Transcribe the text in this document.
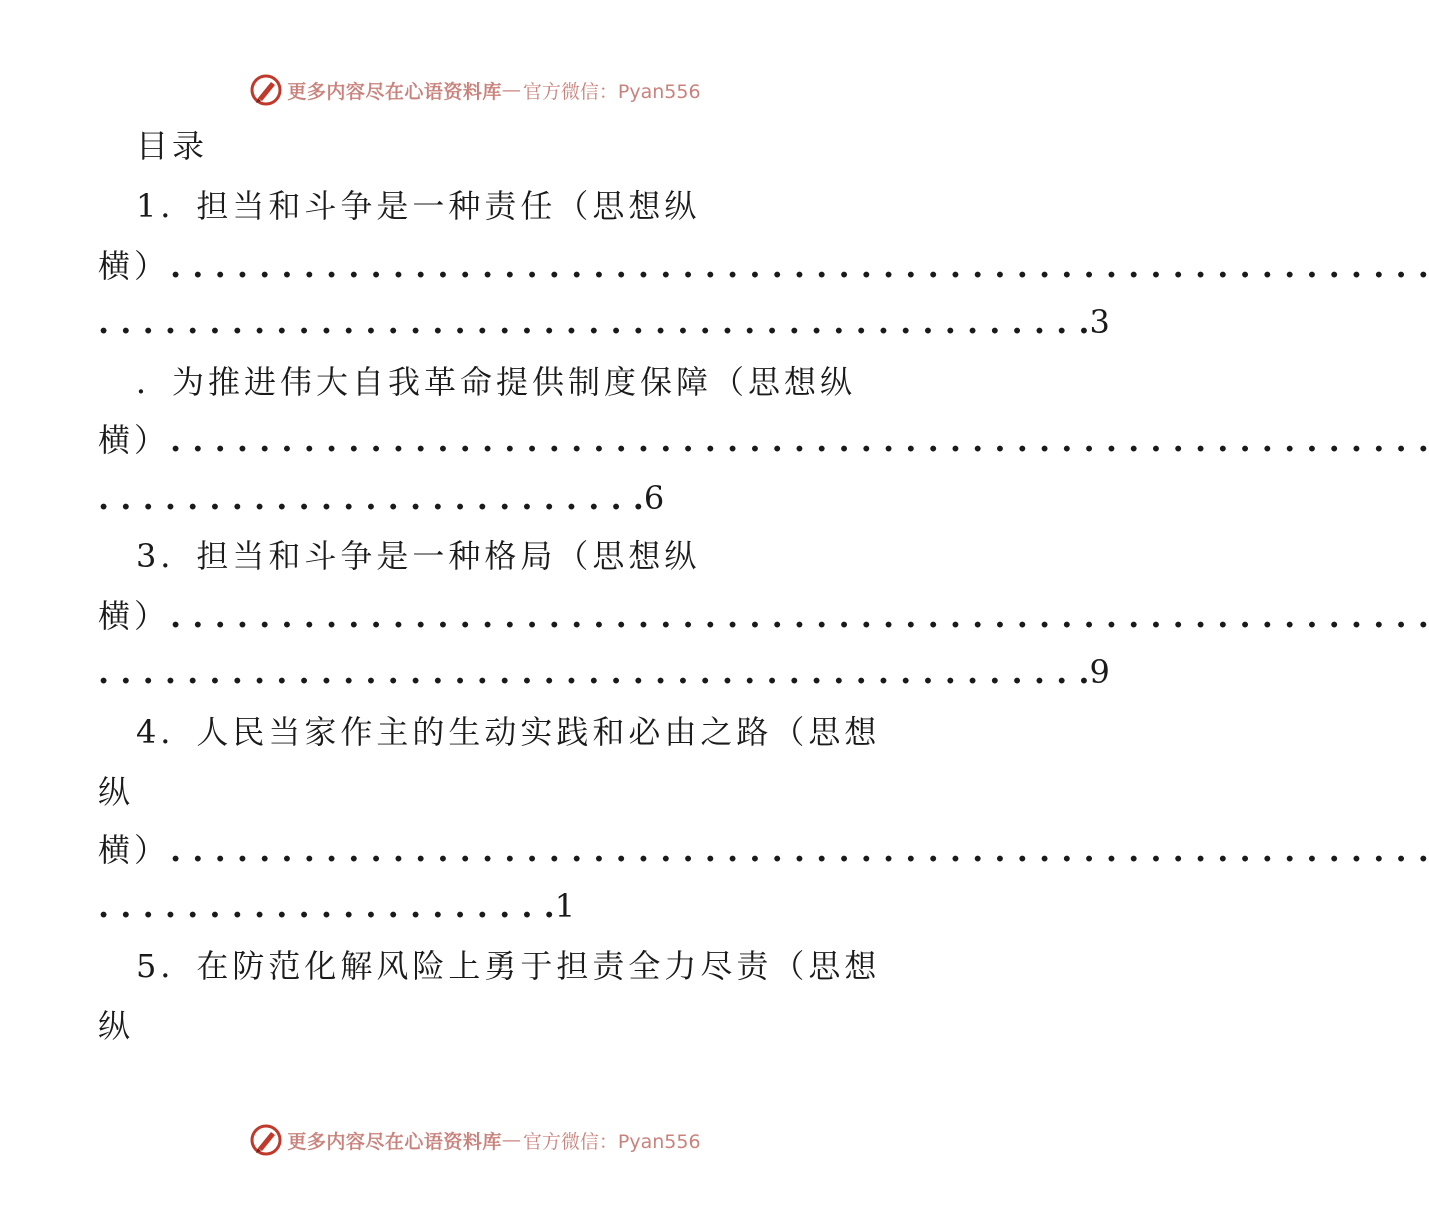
更多内容尽在心语资料库 — 官方微信：Pyan556
目录
1．担当和斗争是一种责任（思想纵
横）. . .
. . . . . . . . . . . . . . . . . . . . . . . . . . . . . . . . . . . . . . . . . . . . .3
．为推进伟大自我革命提供制度保障（思想纵
横）. . .
. . . . . . . . . . . . . . . . . . . . . . . . .6
3．担当和斗争是一种格局（思想纵
横）. . .
. . . . . . . . . . . . . . . . . . . . . . . . . . . . . . . . . . . . . . . . . . . . .9
4．人民当家作主的生动实践和必由之路（思想
纵
横）. . .
. . . . . . . . . . . . . . . . . . . . .1
5．在防范化解风险上勇于担责全力尽责（思想
纵
更多内容尽在心语资料库 — 官方微信：Pyan556
